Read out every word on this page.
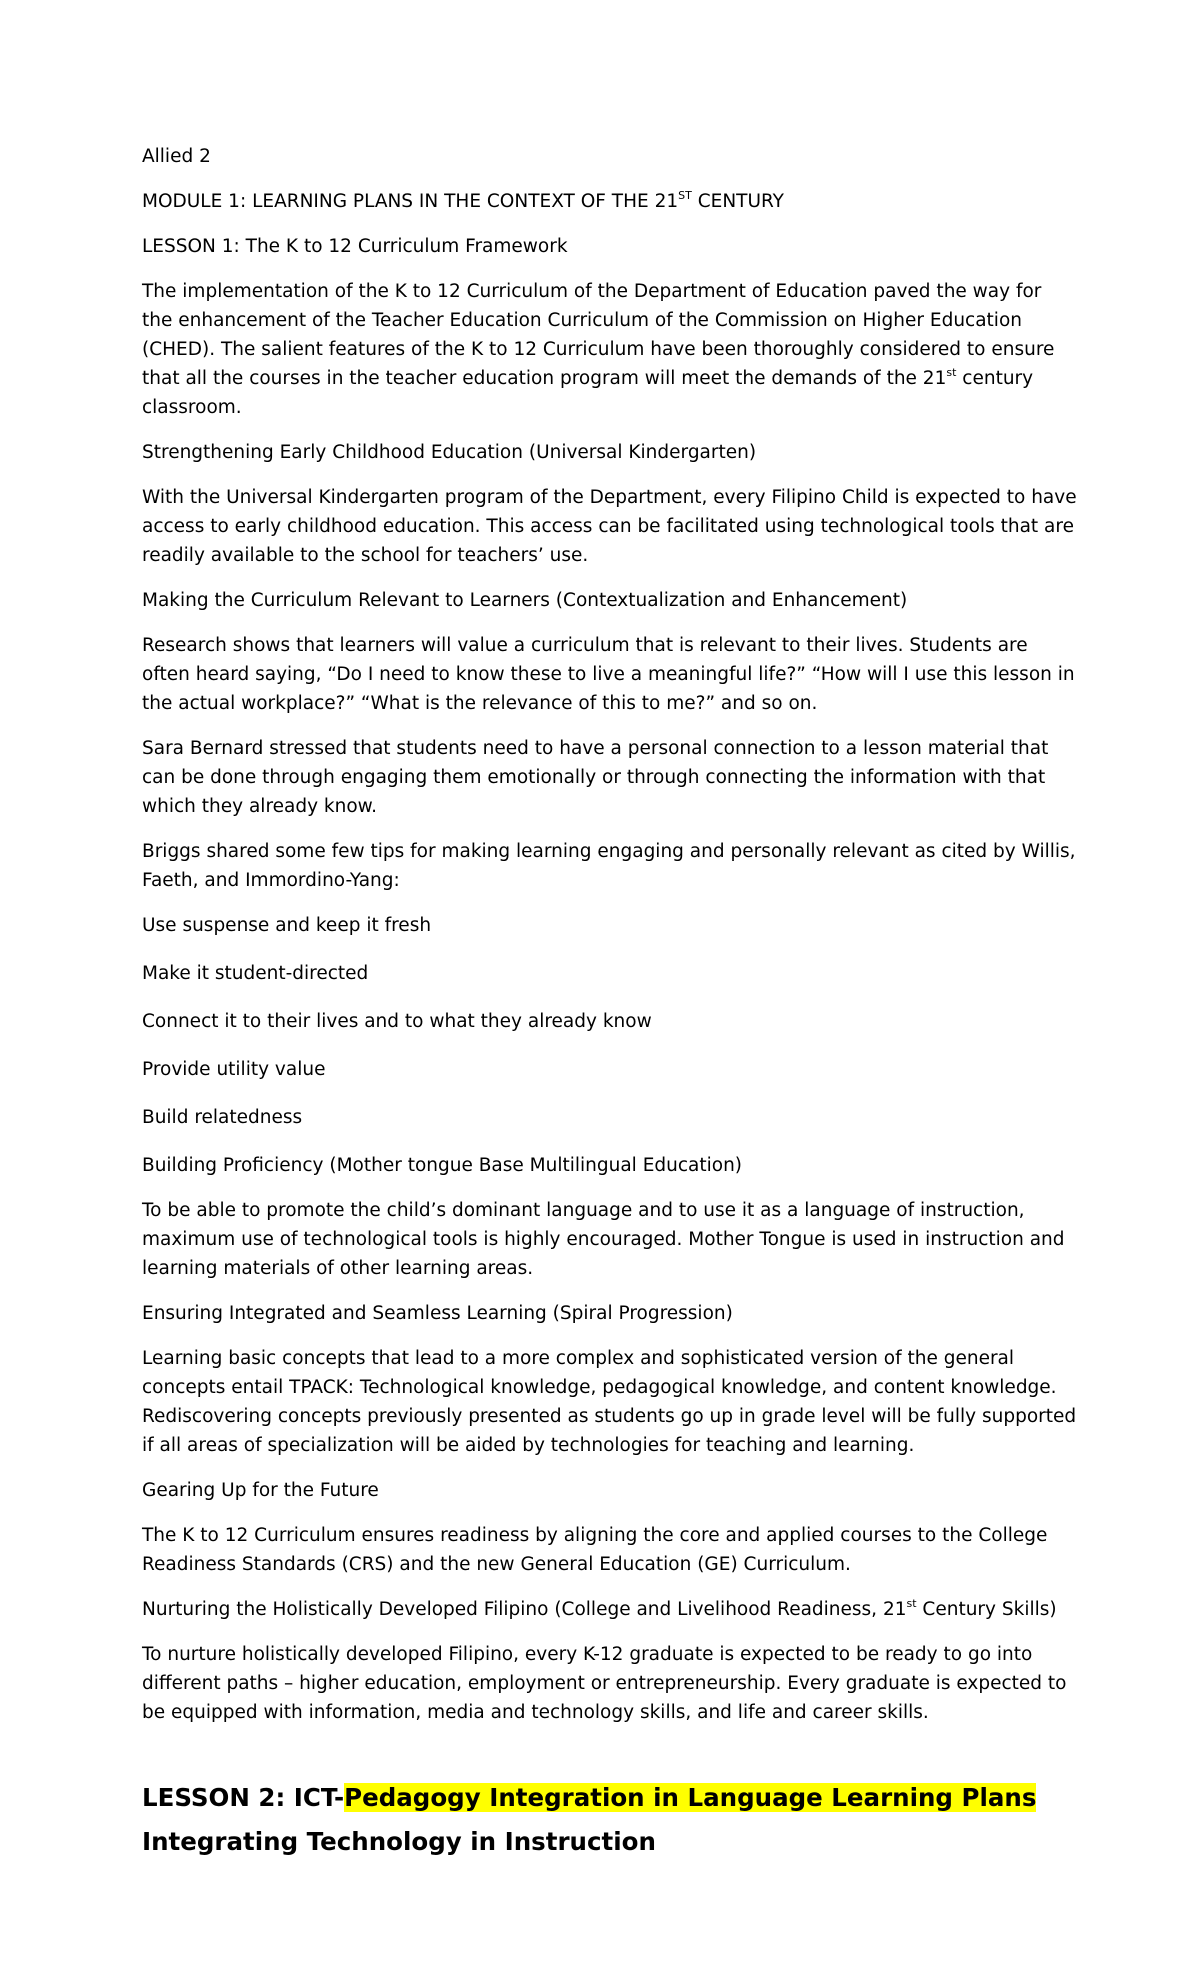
Allied 2

MODULE 1: LEARNING PLANS IN THE CONTEXT OF THE 21ST CENTURY

LESSON 1: The K to 12 Curriculum Framework

The implementation of the K to 12 Curriculum of the Department of Education paved the way for the enhancement of the Teacher Education Curriculum of the Commission on Higher Education (CHED). The salient features of the K to 12 Curriculum have been thoroughly considered to ensure that all the courses in the teacher education program will meet the demands of the 21st century classroom.

Strengthening Early Childhood Education (Universal Kindergarten)

With the Universal Kindergarten program of the Department, every Filipino Child is expected to have access to early childhood education. This access can be facilitated using technological tools that are readily available to the school for teachers’ use.

Making the Curriculum Relevant to Learners (Contextualization and Enhancement)

Research shows that learners will value a curriculum that is relevant to their lives. Students are often heard saying, “Do I need to know these to live a meaningful life?” “How will I use this lesson in the actual workplace?” “What is the relevance of this to me?” and so on.

Sara Bernard stressed that students need to have a personal connection to a lesson material that can be done through engaging them emotionally or through connecting the information with that which they already know.

Briggs shared some few tips for making learning engaging and personally relevant as cited by Willis, Faeth, and Immordino-Yang:

Use suspense and keep it fresh

Make it student-directed

Connect it to their lives and to what they already know

Provide utility value

Build relatedness

Building Proficiency (Mother tongue Base Multilingual Education)

To be able to promote the child’s dominant language and to use it as a language of instruction, maximum use of technological tools is highly encouraged. Mother Tongue is used in instruction and learning materials of other learning areas.

Ensuring Integrated and Seamless Learning (Spiral Progression)

Learning basic concepts that lead to a more complex and sophisticated version of the general concepts entail TPACK: Technological knowledge, pedagogical knowledge, and content knowledge. Rediscovering concepts previously presented as students go up in grade level will be fully supported if all areas of specialization will be aided by technologies for teaching and learning.

Gearing Up for the Future

The K to 12 Curriculum ensures readiness by aligning the core and applied courses to the College Readiness Standards (CRS) and the new General Education (GE) Curriculum.

Nurturing the Holistically Developed Filipino (College and Livelihood Readiness, 21st Century Skills)

To nurture holistically developed Filipino, every K-12 graduate is expected to be ready to go into different paths – higher education, employment or entrepreneurship. Every graduate is expected to be equipped with information, media and technology skills, and life and career skills.

LESSON 2: ICT-Pedagogy Integration in Language Learning Plans
Integrating Technology in Instruction
